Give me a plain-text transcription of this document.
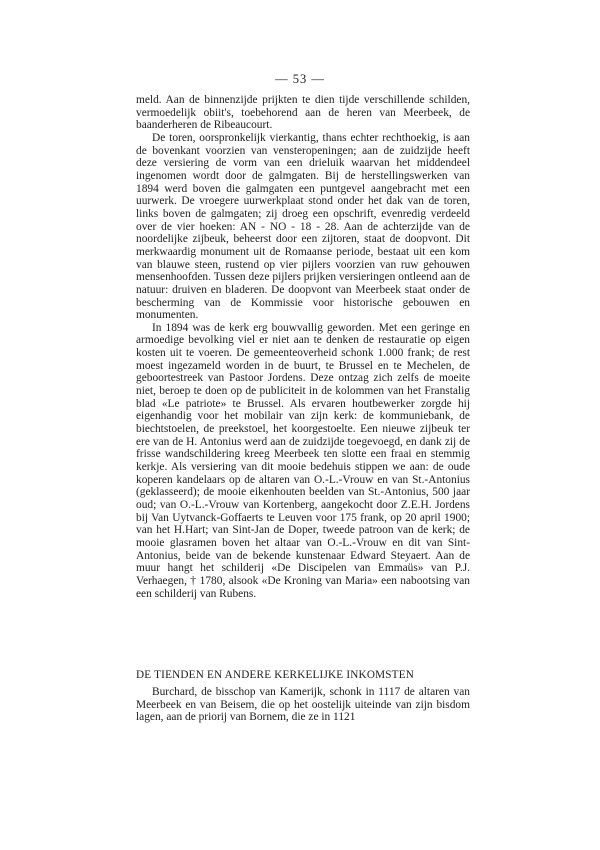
— 53 —

meld. Aan de binnenzijde prijkten te dien tijde verschillende schilden, vermoedelijk obiit's, toebehorend aan de heren van Meerbeek, de baanderheren de Ribeaucourt.

De toren, oorspronkelijk vierkantig, thans echter rechthoekig, is aan de bovenkant voorzien van vensteropeningen; aan de zuidzijde heeft deze versiering de vorm van een drieluik waarvan het middendeel ingenomen wordt door de galmgaten. Bij de herstellingswerken van 1894 werd boven die galmgaten een puntgevel aangebracht met een uurwerk. De vroegere uurwerkplaat stond onder het dak van de toren, links boven de galmgaten; zij droeg een opschrift, evenredig verdeeld over de vier hoeken: AN - NO - 18 - 28. Aan de achterzijde van de noordelijke zijbeuk, beheerst door een zijtoren, staat de doopvont. Dit merkwaardig monument uit de Romaanse periode, bestaat uit een kom van blauwe steen, rustend op vier pijlers voorzien van ruw gehouwen mensenhoofden. Tussen deze pijlers prijken versieringen ontleend aan de natuur: druiven en bladeren. De doopvont van Meerbeek staat onder de bescherming van de Kommissie voor historische gebouwen en monumenten.

In 1894 was de kerk erg bouwvallig geworden. Met een geringe en armoedige bevolking viel er niet aan te denken de restauratie op eigen kosten uit te voeren. De gemeenteoverheid schonk 1.000 frank; de rest moest ingezameld worden in de buurt, te Brussel en te Mechelen, de geboortestreek van Pastoor Jordens. Deze ontzag zich zelfs de moeite niet, beroep te doen op de publiciteit in de kolommen van het Franstalig blad «Le patriote» te Brussel. Als ervaren houtbewerker zorgde hij eigenhandig voor het mobilair van zijn kerk: de kommuniebank, de biechtstoelen, de preekstoel, het koorgestoelte. Een nieuwe zijbeuk ter ere van de H. Antonius werd aan de zuidzijde toegevoegd, en dank zij de frisse wandschildering kreeg Meerbeek ten slotte een fraai en stemmig kerkje. Als versiering van dit mooie bedehuis stippen we aan: de oude koperen kandelaars op de altaren van O.-L.-Vrouw en van St.-Antonius (geklasseerd); de mooie eikenhouten beelden van St.-Antonius, 500 jaar oud; van O.-L.-Vrouw van Kortenberg, aangekocht door Z.E.H. Jordens bij Van Uytvanck-Goffaerts te Leuven voor 175 frank, op 20 april 1900; van het H.Hart; van Sint-Jan de Doper, tweede patroon van de kerk; de mooie glasramen boven het altaar van O.-L.-Vrouw en dit van Sint-Antonius, beide van de bekende kunstenaar Edward Steyaert. Aan de muur hangt het schilderij «De Discipelen van Emmaüs» van P.J. Verhaegen, † 1780, alsook «De Kroning van Maria» een nabootsing van een schilderij van Rubens.

DE TIENDEN EN ANDERE KERKELIJKE INKOMSTEN

Burchard, de bisschop van Kamerijk, schonk in 1117 de altaren van Meerbeek en van Beisem, die op het oostelijk uiteinde van zijn bisdom lagen, aan de priorij van Bornem, die ze in 1121
